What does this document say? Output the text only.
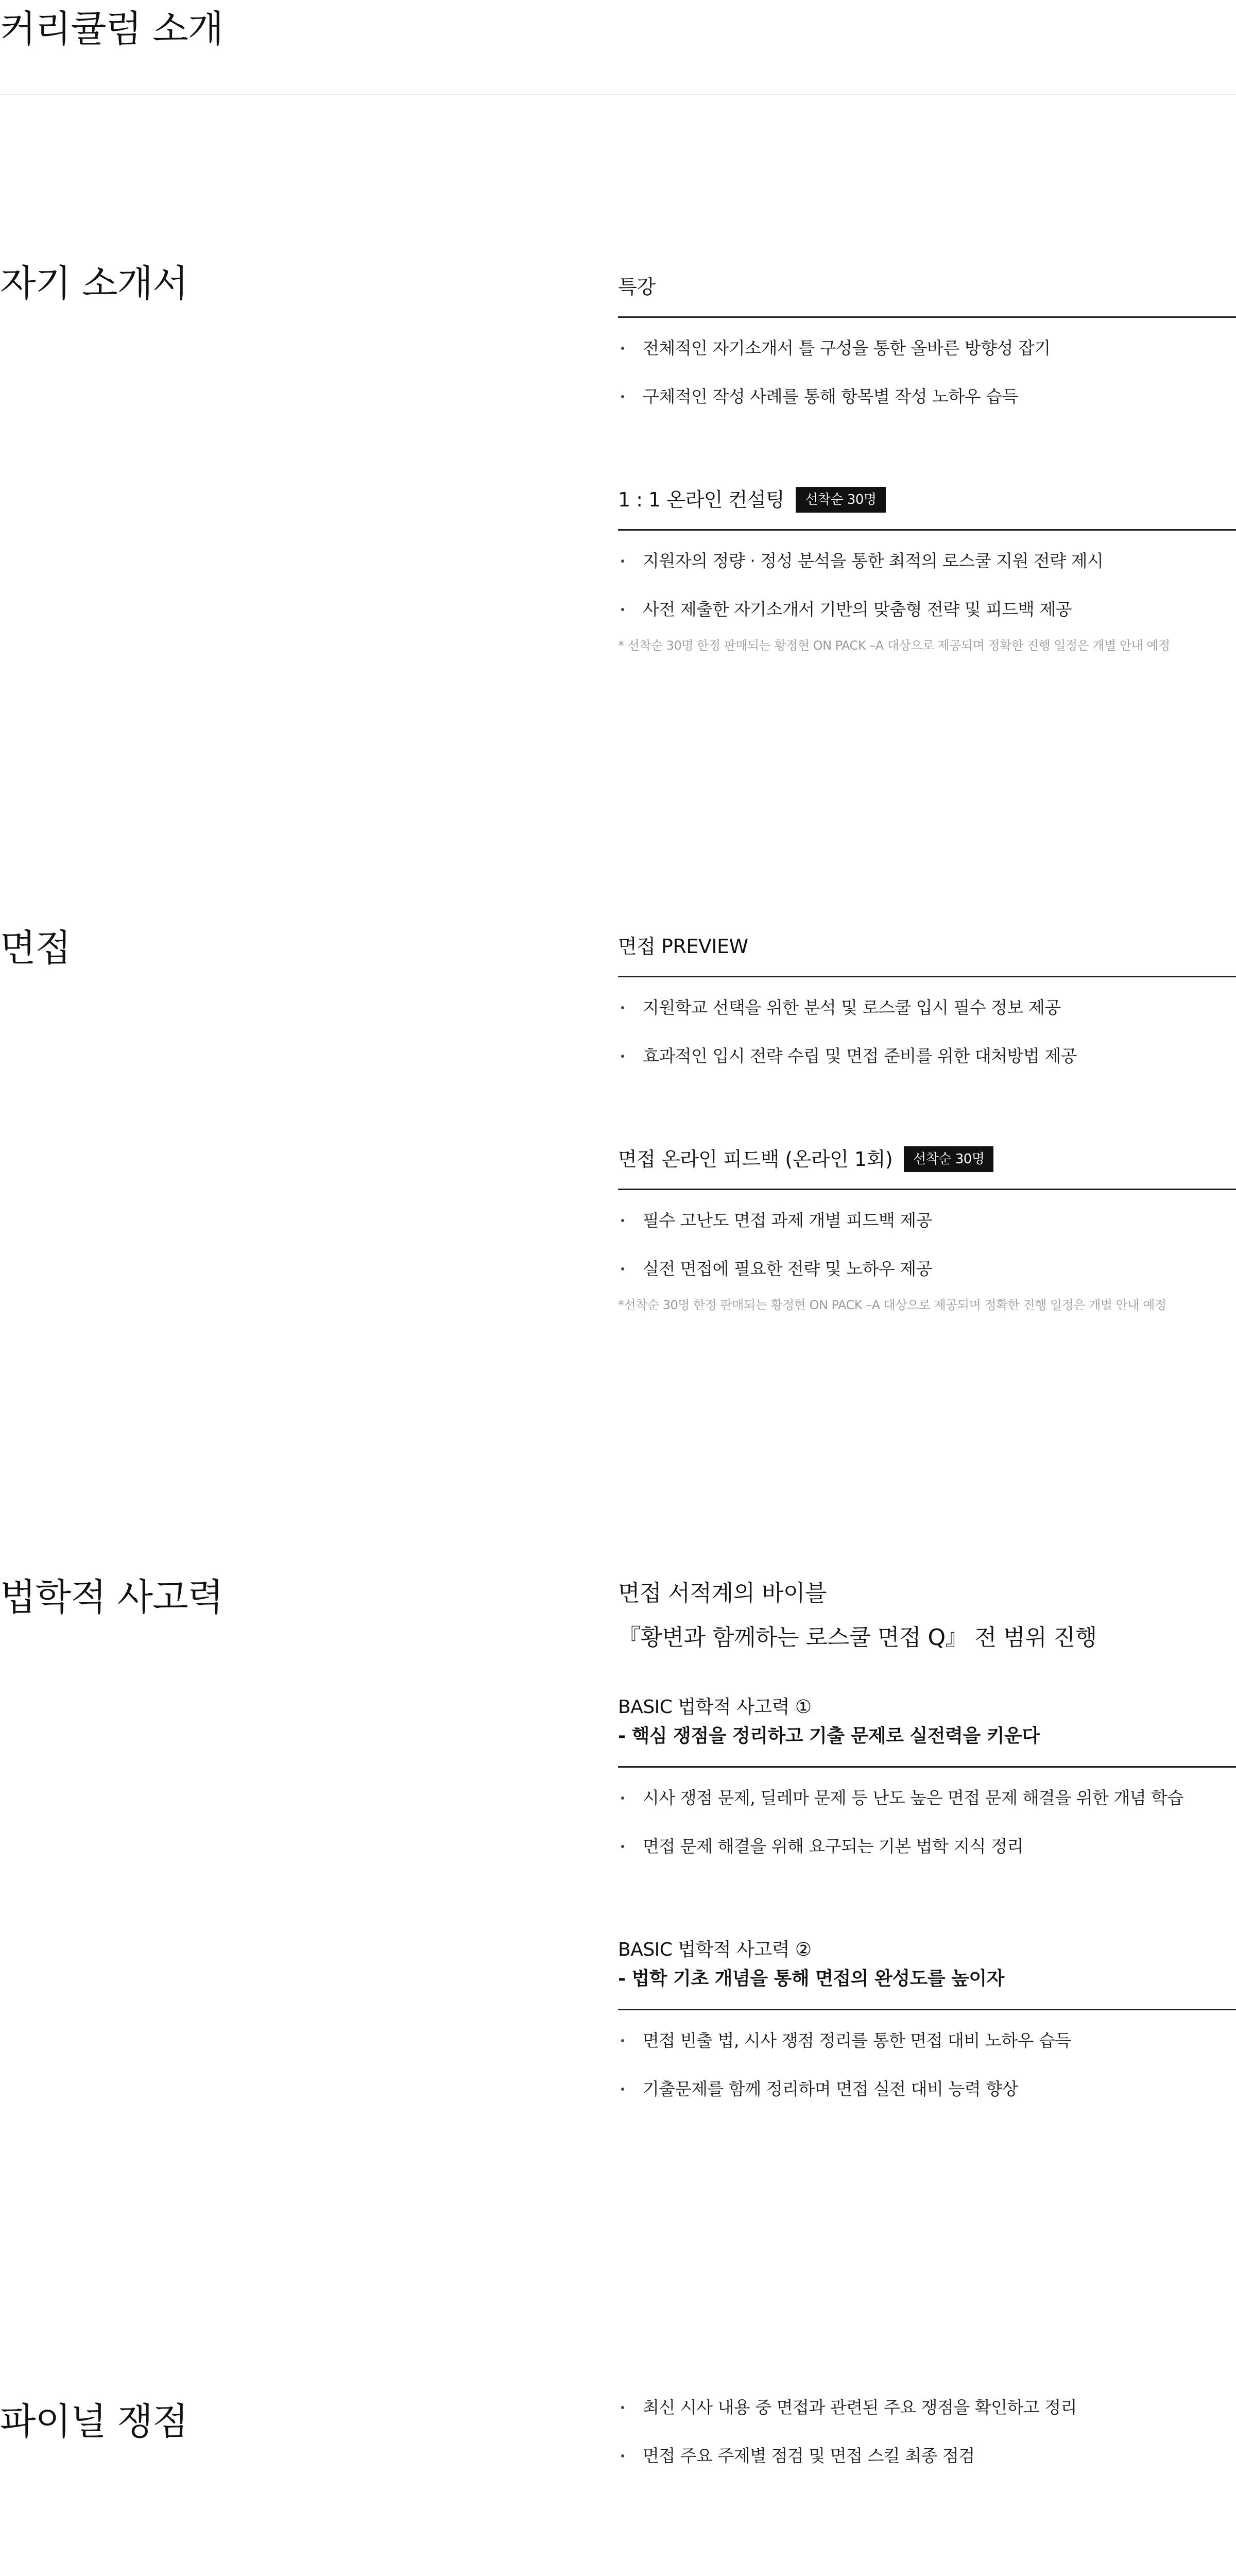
커리큘럼 소개
자기 소개서	특강
전체적인 자기소개서 틀 구성을 통한 올바른 방향성 잡기
구체적인 작성 사례를 통해 항목별 작성 노하우 습득
1 : 1 온라인 컨설팅	선착순 30명
지원자의 정량 · 정성 분석을 통한 최적의 로스쿨 지원 전략 제시
사전 제출한 자기소개서 기반의 맞춤형 전략 및 피드백 제공
* 선착순 30명 한정 판매되는 황정현 ON PACK –A 대상으로 제공되며 정확한 진행 일정은 개별 안내 예정
면접	면접 PREVIEW
지원학교 선택을 위한 분석 및 로스쿨 입시 필수 정보 제공
효과적인 입시 전략 수립 및 면접 준비를 위한 대처방법 제공
면접 온라인 피드백 (온라인 1회)	선착순 30명
필수 고난도 면접 과제 개별 피드백 제공
실전 면접에 필요한 전략 및 노하우 제공
*선착순 30명 한정 판매되는 황정현 ON PACK –A 대상으로 제공되며 정확한 진행 일정은 개별 안내 예정
법학적 사고력	면접 서적계의 바이블
『황변과 함께하는 로스쿨 면접 Q』 전 범위 진행
BASIC 법학적 사고력 ①
- 핵심 쟁점을 정리하고 기출 문제로 실전력을 키운다
시사 쟁점 문제, 딜레마 문제 등 난도 높은 면접 문제 해결을 위한 개념 학습
면접 문제 해결을 위해 요구되는 기본 법학 지식 정리
BASIC 법학적 사고력 ②
- 법학 기초 개념을 통해 면접의 완성도를 높이자
면접 빈출 법, 시사 쟁점 정리를 통한 면접 대비 노하우 습득
기출문제를 함께 정리하며 면접 실전 대비 능력 향상
파이널 쟁점	최신 시사 내용 중 면접과 관련된 주요 쟁점을 확인하고 정리
면접 주요 주제별 점검 및 면접 스킬 최종 점검
